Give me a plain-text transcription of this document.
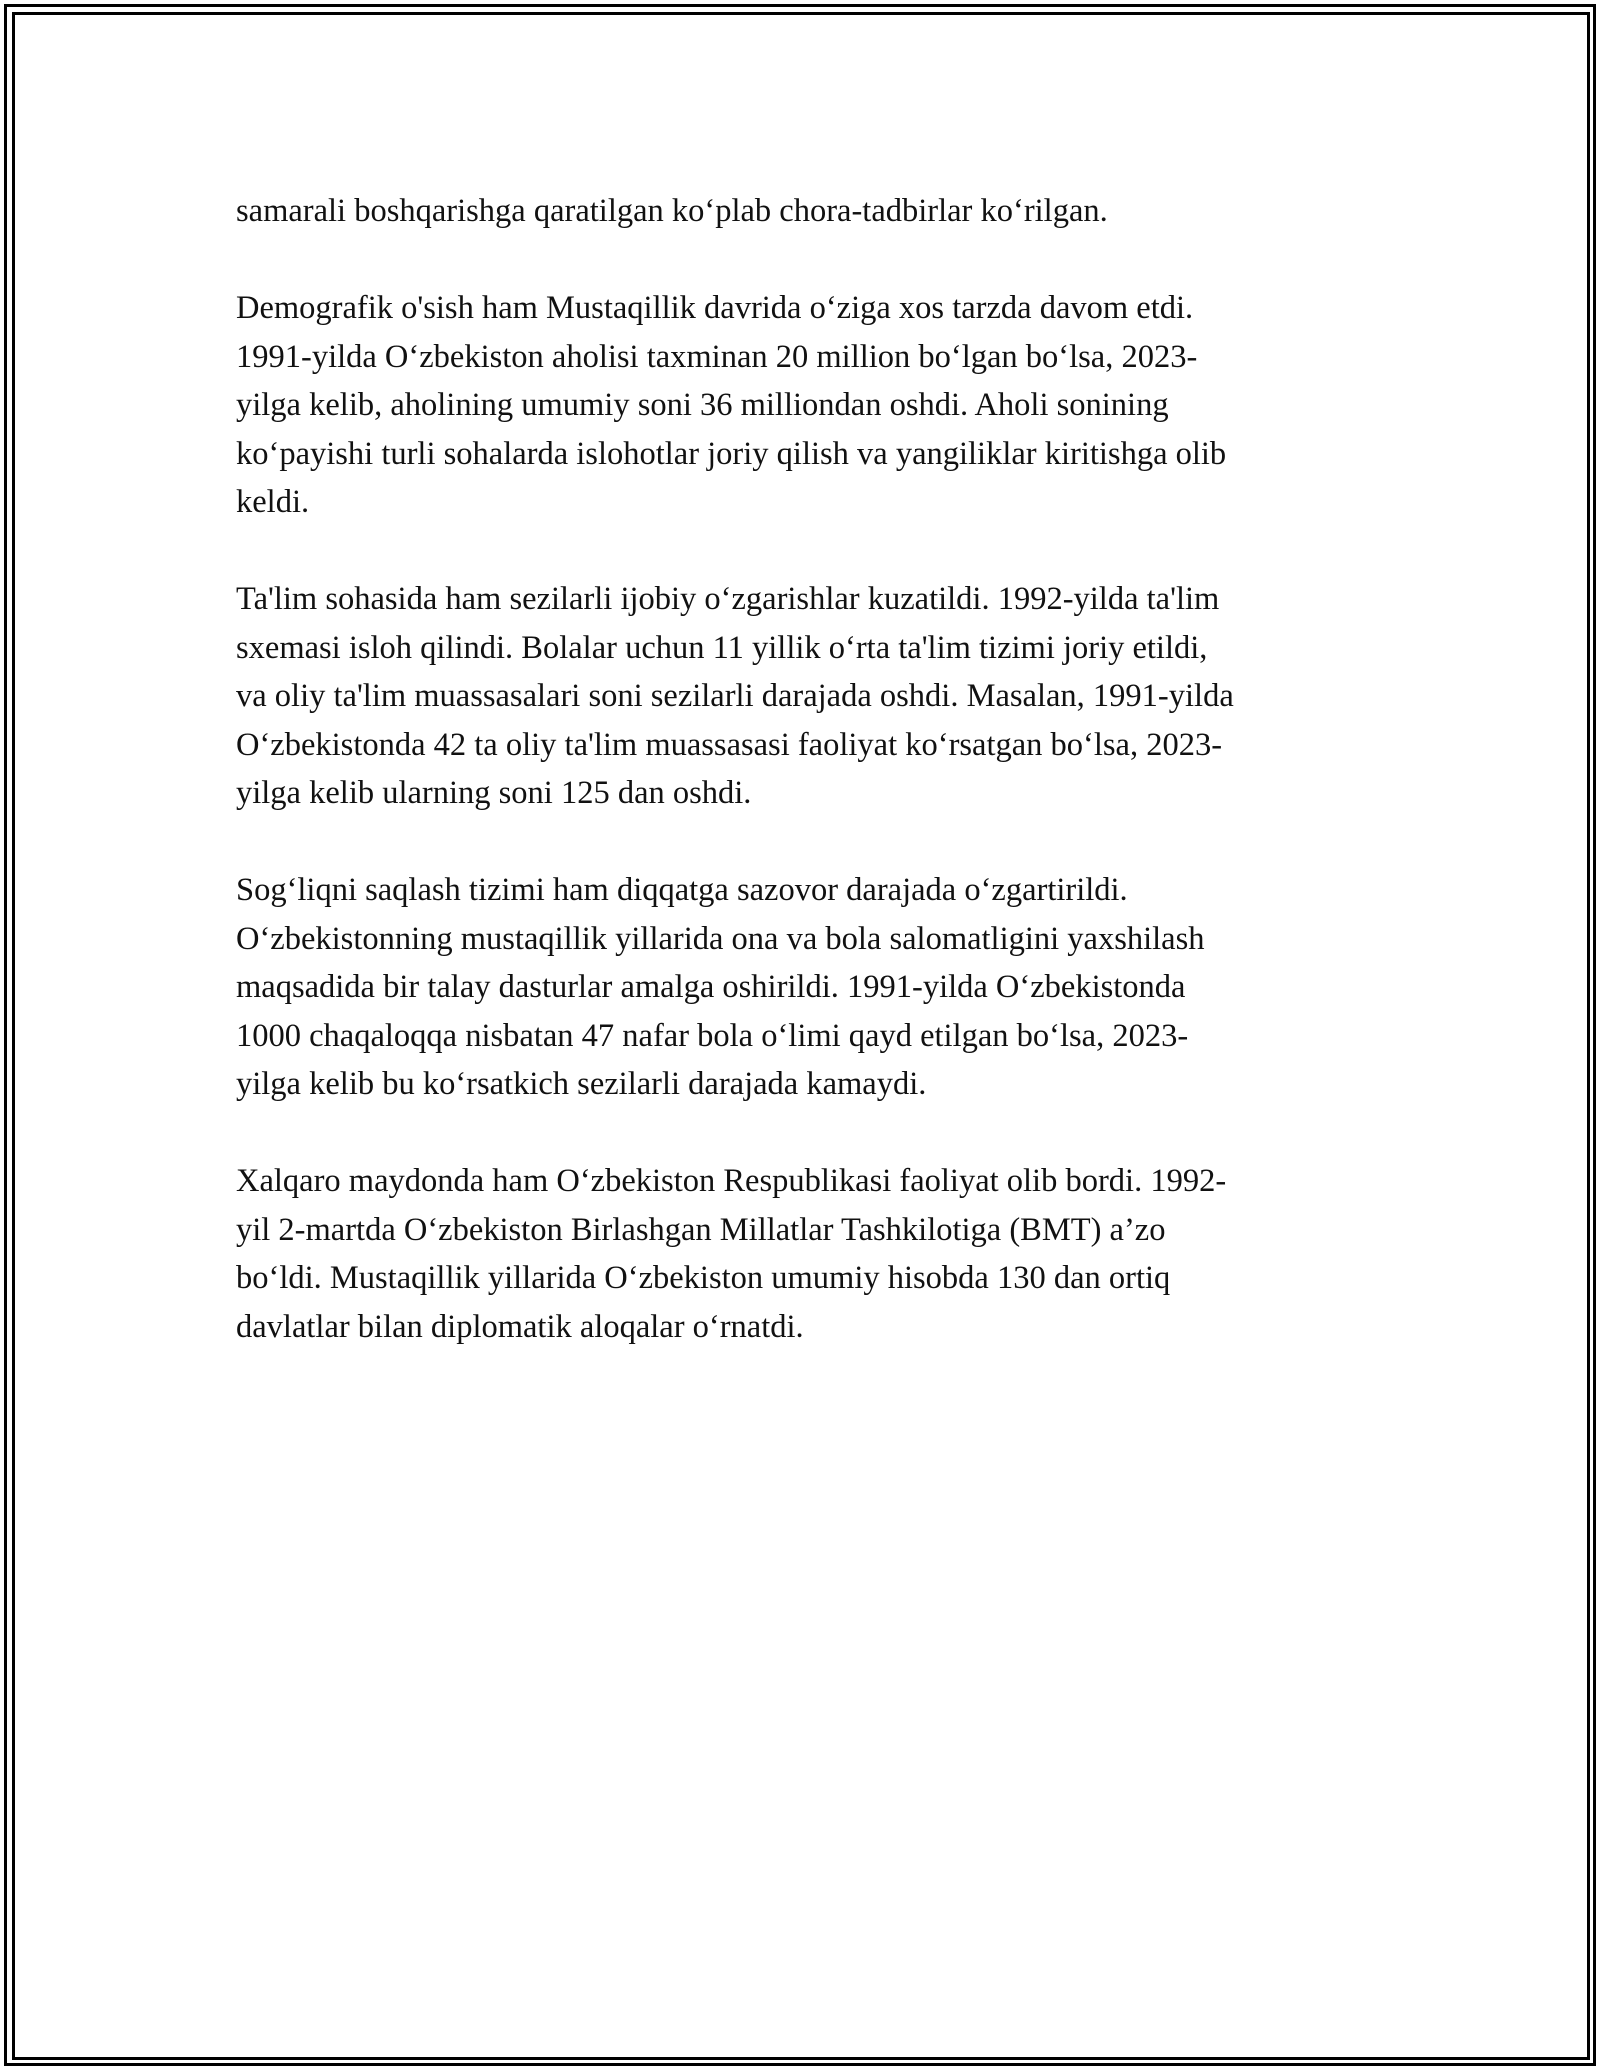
samarali boshqarishga qaratilgan ko‘plab chora-tadbirlar ko‘rilgan.

Demografik o'sish ham Mustaqillik davrida o‘ziga xos tarzda davom etdi.
1991-yilda O‘zbekiston aholisi taxminan 20 million bo‘lgan bo‘lsa, 2023-
yilga kelib, aholining umumiy soni 36 milliondan oshdi. Aholi sonining
ko‘payishi turli sohalarda islohotlar joriy qilish va yangiliklar kiritishga olib
keldi.

Ta'lim sohasida ham sezilarli ijobiy o‘zgarishlar kuzatildi. 1992-yilda ta'lim
sxemasi isloh qilindi. Bolalar uchun 11 yillik o‘rta ta'lim tizimi joriy etildi,
va oliy ta'lim muassasalari soni sezilarli darajada oshdi. Masalan, 1991-yilda
O‘zbekistonda 42 ta oliy ta'lim muassasasi faoliyat ko‘rsatgan bo‘lsa, 2023-
yilga kelib ularning soni 125 dan oshdi.

Sog‘liqni saqlash tizimi ham diqqatga sazovor darajada o‘zgartirildi.
O‘zbekistonning mustaqillik yillarida ona va bola salomatligini yaxshilash
maqsadida bir talay dasturlar amalga oshirildi. 1991-yilda O‘zbekistonda
1000 chaqaloqqa nisbatan 47 nafar bola o‘limi qayd etilgan bo‘lsa, 2023-
yilga kelib bu ko‘rsatkich sezilarli darajada kamaydi.

Xalqaro maydonda ham O‘zbekiston Respublikasi faoliyat olib bordi. 1992-
yil 2-martda O‘zbekiston Birlashgan Millatlar Tashkilotiga (BMT) a’zo
bo‘ldi. Mustaqillik yillarida O‘zbekiston umumiy hisobda 130 dan ortiq
davlatlar bilan diplomatik aloqalar o‘rnatdi.
